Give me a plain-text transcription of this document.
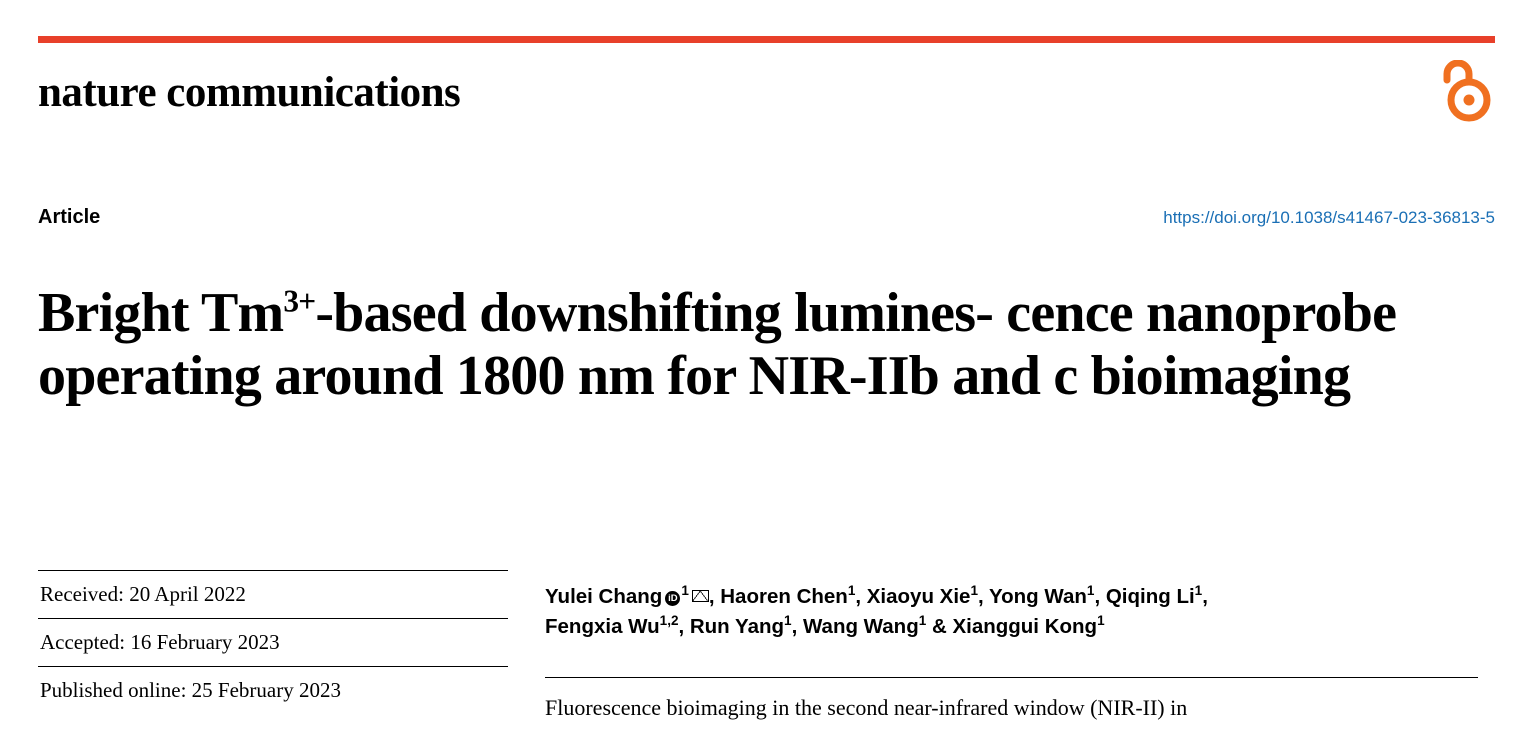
nature communications
Article	https://doi.org/10.1038/s41467-023-36813-5
Bright $Tm^{3+}$-based downshifting lumines- cence nanoprobe operating around 1800 nm for NIR-IIb and c bioimaging
Received: 20 April 2022
Accepted: 16 February 2023
Published online: 25 February 2023
Yulei Chang $iD^1$ , Haoren Chen$^1$, Xiaoyu Xie$^1$, Yong Wan$^1$, Qiqing Li$^1$,
Fengxia Wu$^{1,2}$, Run Yang$^1$, Wang Wang$^1$ & Xianggui Kong$^1$
Fluorescence bioimaging in the second near-infrared window (NIR-II) in
